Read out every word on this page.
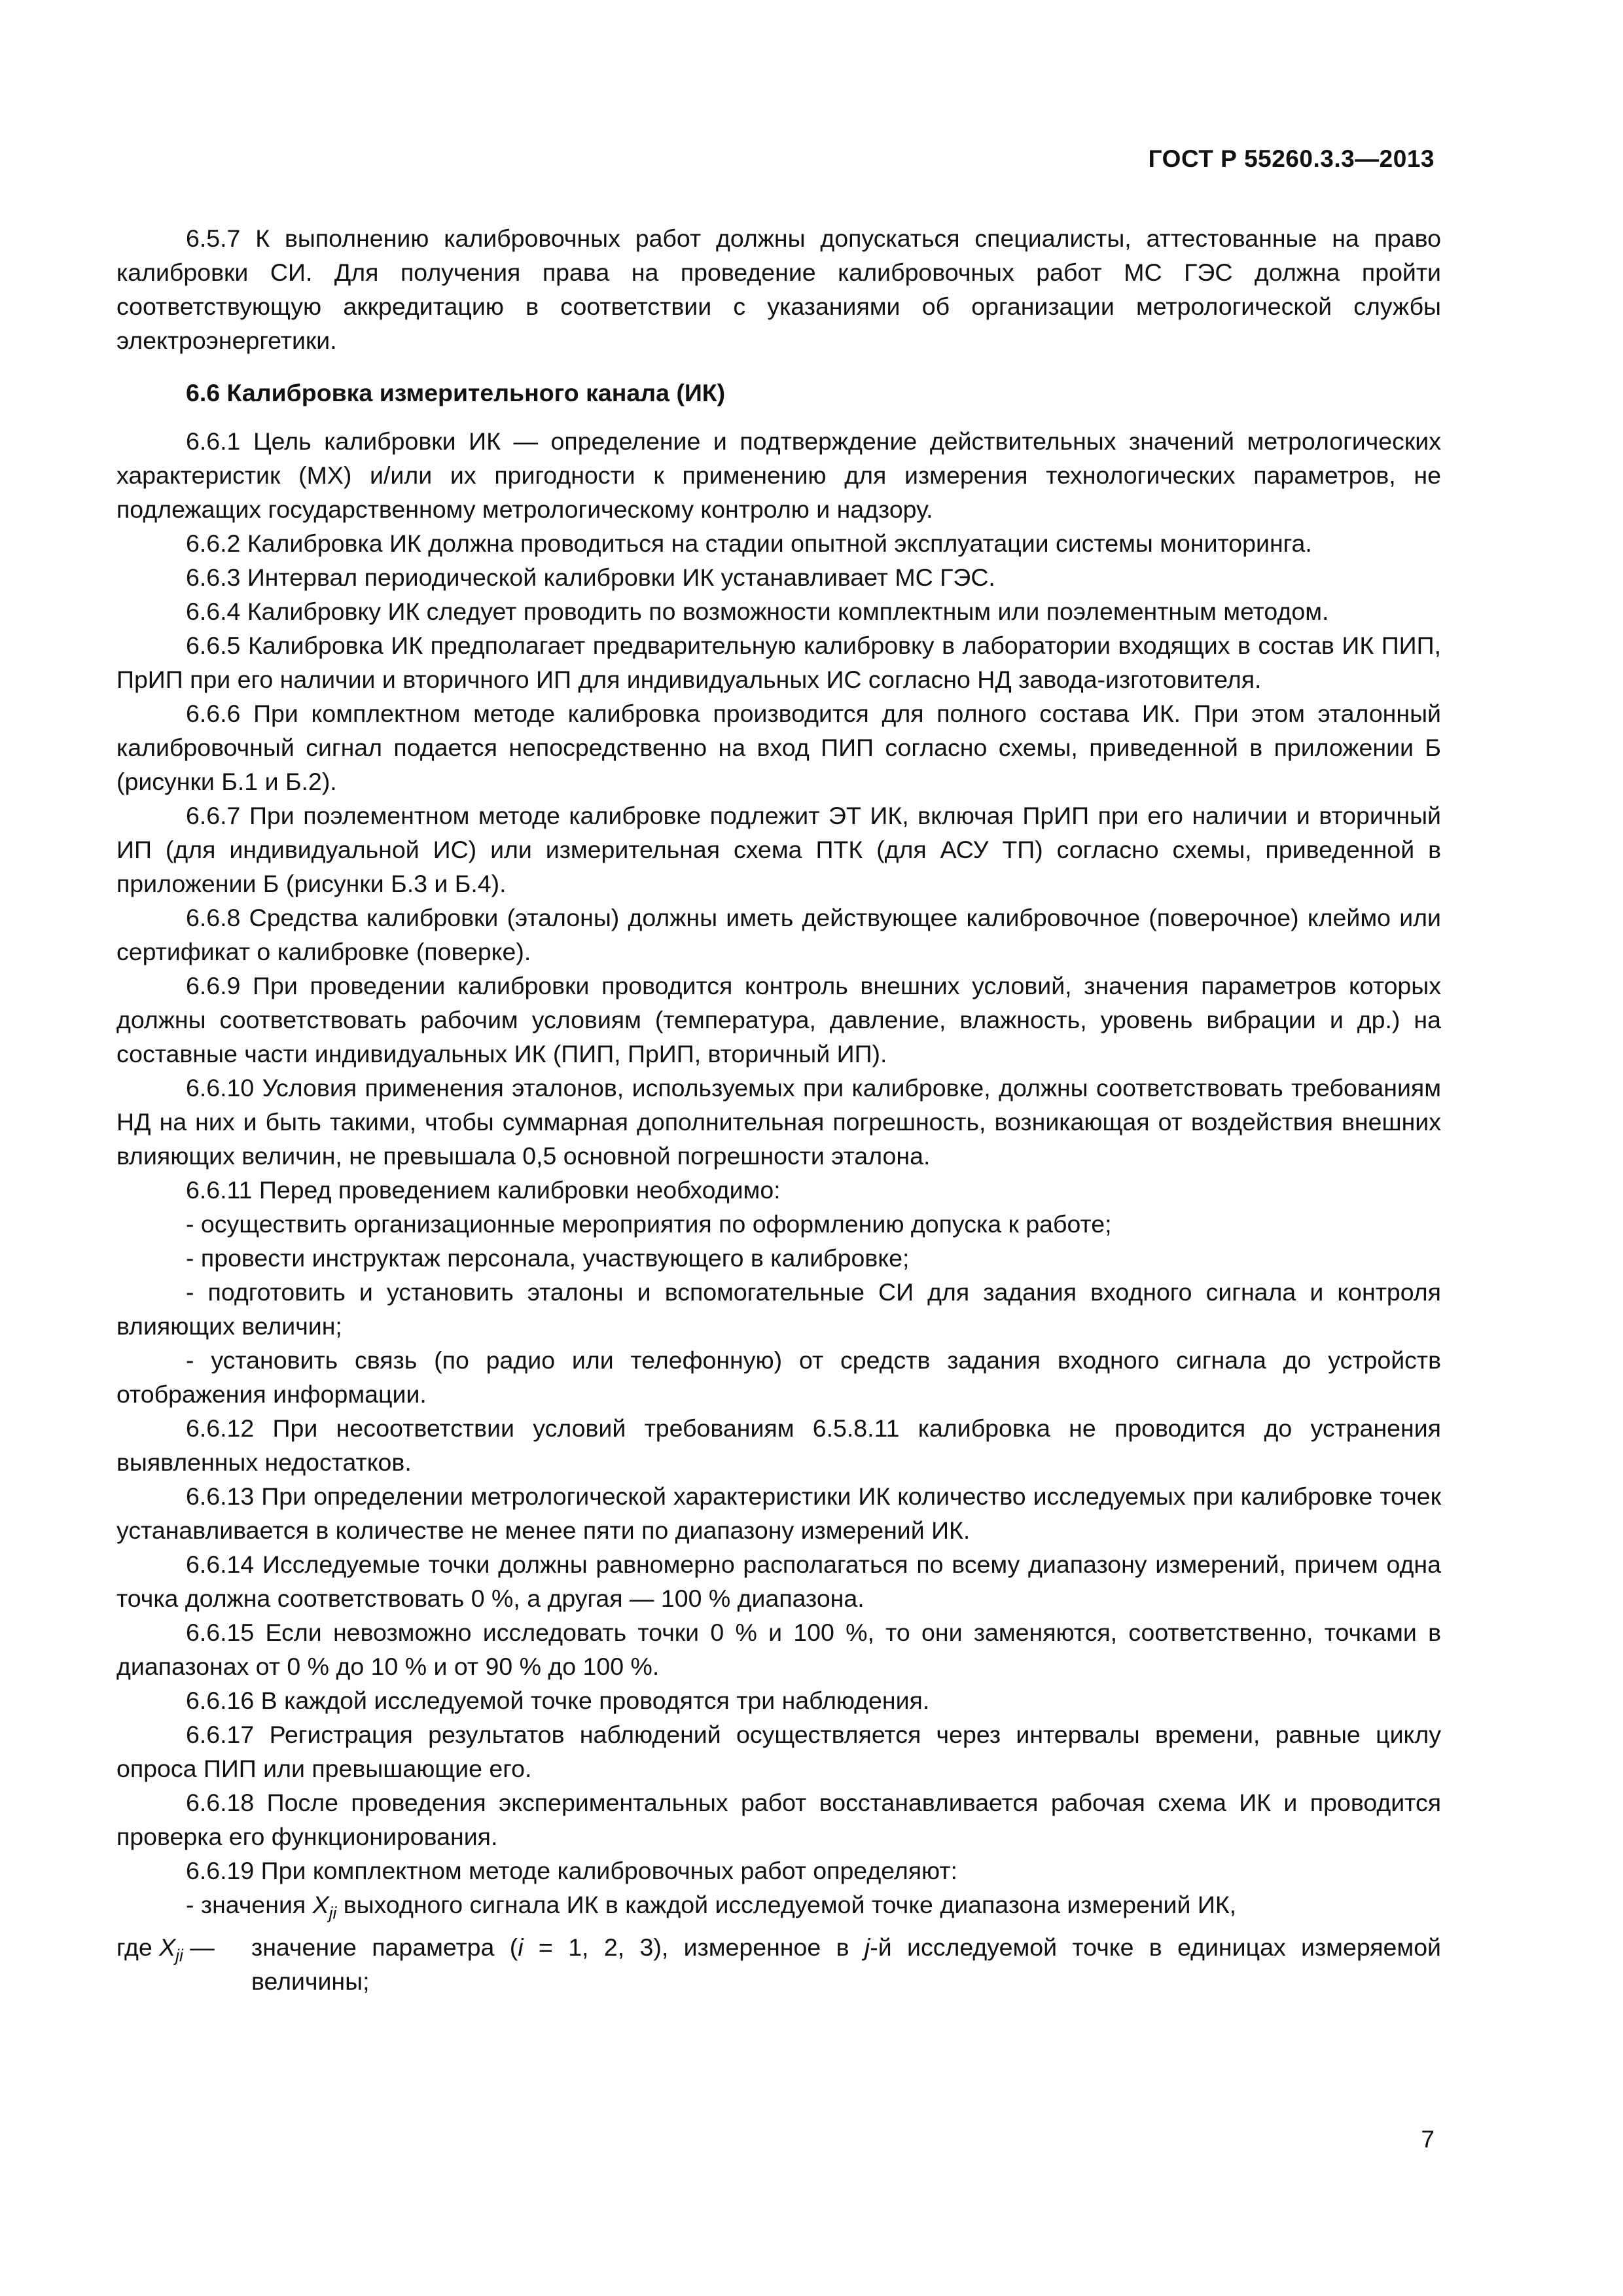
ГОСТ Р 55260.3.3—2013

6.5.7 К выполнению калибровочных работ должны допускаться специалисты, аттестованные на право калибровки СИ. Для получения права на проведение калибровочных работ МС ГЭС должна пройти соответствующую аккредитацию в соответствии с указаниями об организации метрологической службы электроэнергетики.

6.6 Калибровка измерительного канала (ИК)

6.6.1 Цель калибровки ИК — определение и подтверждение действительных значений метрологических характеристик (МХ) и/или их пригодности к применению для измерения технологических параметров, не подлежащих государственному метрологическому контролю и надзору.

6.6.2 Калибровка ИК должна проводиться на стадии опытной эксплуатации системы мониторинга.

6.6.3 Интервал периодической калибровки ИК устанавливает МС ГЭС.

6.6.4 Калибровку ИК следует проводить по возможности комплектным или поэлементным методом.

6.6.5 Калибровка ИК предполагает предварительную калибровку в лаборатории входящих в состав ИК ПИП, ПрИП при его наличии и вторичного ИП для индивидуальных ИС согласно НД завода-изготовителя.

6.6.6 При комплектном методе калибровка производится для полного состава ИК. При этом эталонный калибровочный сигнал подается непосредственно на вход ПИП согласно схемы, приведенной в приложении Б (рисунки Б.1 и Б.2).

6.6.7 При поэлементном методе калибровке подлежит ЭТ ИК, включая ПрИП при его наличии и вторичный ИП (для индивидуальной ИС) или измерительная схема ПТК (для АСУ ТП) согласно схемы, приведенной в приложении Б (рисунки Б.3 и Б.4).

6.6.8 Средства калибровки (эталоны) должны иметь действующее калибровочное (поверочное) клеймо или сертификат о калибровке (поверке).

6.6.9 При проведении калибровки проводится контроль внешних условий, значения параметров которых должны соответствовать рабочим условиям (температура, давление, влажность, уровень вибрации и др.) на составные части индивидуальных ИК (ПИП, ПрИП, вторичный ИП).

6.6.10 Условия применения эталонов, используемых при калибровке, должны соответствовать требованиям НД на них и быть такими, чтобы суммарная дополнительная погрешность, возникающая от воздействия внешних влияющих величин, не превышала 0,5 основной погрешности эталона.

6.6.11 Перед проведением калибровки необходимо:

- осуществить организационные мероприятия по оформлению допуска к работе;

- провести инструктаж персонала, участвующего в калибровке;

- подготовить и установить эталоны и вспомогательные СИ для задания входного сигнала и контроля влияющих величин;

- установить связь (по радио или телефонную) от средств задания входного сигнала до устройств отображения информации.

6.6.12 При несоответствии условий требованиям 6.5.8.11 калибровка не проводится до устранения выявленных недостатков.

6.6.13 При определении метрологической характеристики ИК количество исследуемых при калибровке точек устанавливается в количестве не менее пяти по диапазону измерений ИК.

6.6.14 Исследуемые точки должны равномерно располагаться по всему диапазону измерений, причем одна точка должна соответствовать 0 %, а другая — 100 % диапазона.

6.6.15 Если невозможно исследовать точки 0 % и 100 %, то они заменяются, соответственно, точками в диапазонах от 0 % до 10 % и от 90 % до 100 %.

6.6.16 В каждой исследуемой точке проводятся три наблюдения.

6.6.17 Регистрация результатов наблюдений осуществляется через интервалы времени, равные циклу опроса ПИП или превышающие его.

6.6.18 После проведения экспериментальных работ восстанавливается рабочая схема ИК и проводится проверка его функционирования.

6.6.19 При комплектном методе калибровочных работ определяют:

- значения $X_{ji}$ выходного сигнала ИК в каждой исследуемой точке диапазона измерений ИК,

где $X_{ji}$ —	значение параметра (i = 1, 2, 3), измеренное в j-й исследуемой точке в единицах измеряемой величины;
7
